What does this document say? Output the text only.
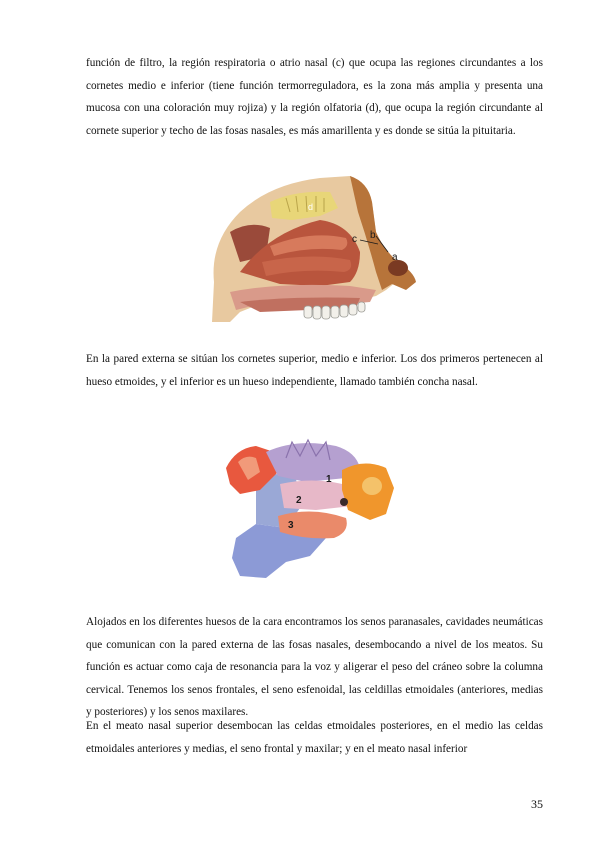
función de filtro, la región respiratoria o atrio nasal (c) que ocupa las regiones circundantes a los cornetes medio e inferior (tiene función termorreguladora, es la zona más amplia y presenta una mucosa con una coloración muy rojiza) y la región olfatoria (d), que ocupa la región circundante al cornete superior y techo de las fosas nasales, es más amarillenta y es donde se sitúa la pituitaria.

d
c b
a

En la pared externa se sitúan los cornetes superior, medio e inferior. Los dos primeros pertenecen al hueso etmoides, y el inferior es un hueso independiente, llamado también concha nasal.

1
2
3

Alojados en los diferentes huesos de la cara encontramos los senos paranasales, cavidades neumáticas que comunican con la pared externa de las fosas nasales, desembocando a nivel de los meatos. Su función es actuar como caja de resonancia para la voz y aligerar el peso del cráneo sobre la columna cervical. Tenemos los senos frontales, el seno esfenoidal, las celdillas etmoidales (anteriores, medias y posteriores) y los senos maxilares.

En el meato nasal superior desembocan las celdas etmoidales posteriores, en el medio las celdas etmoidales anteriores y medias, el seno frontal y maxilar; y en el meato nasal inferior

35
